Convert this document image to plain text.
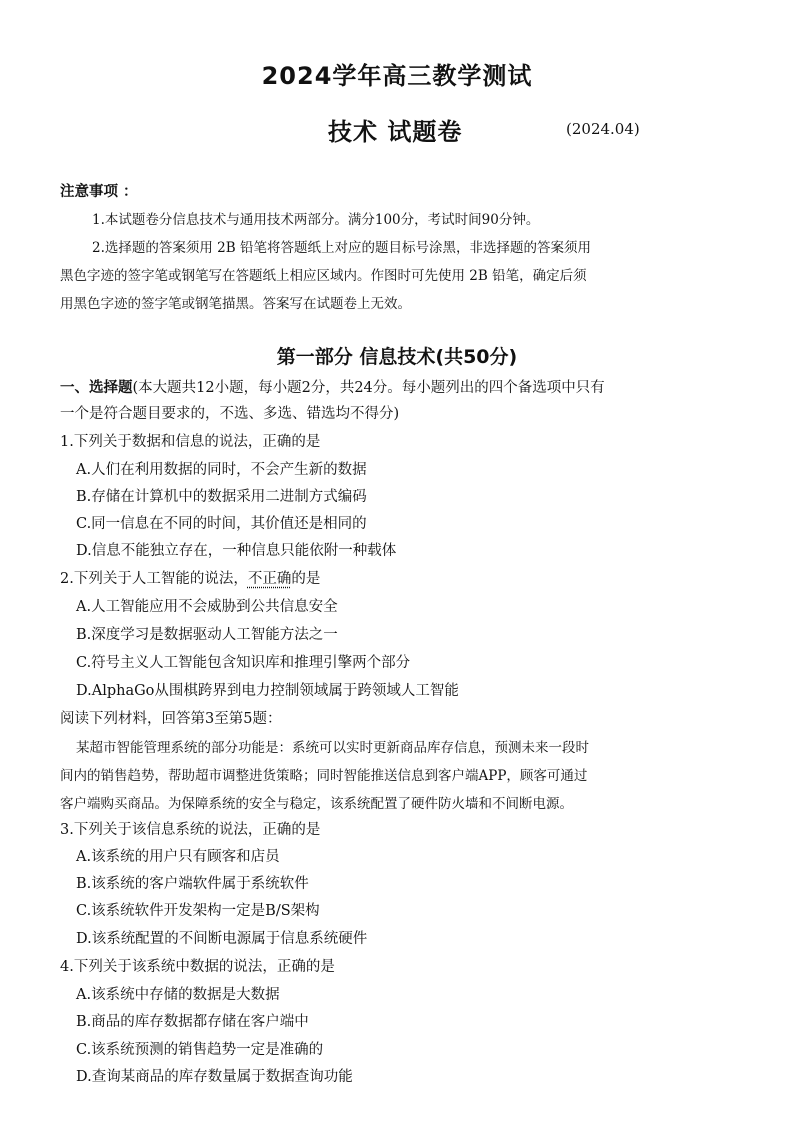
2024学年高三教学测试
技术 试题卷	(2024.04)
注意事项 ：
1.本试题卷分信息技术与通用技术两部分。满分100分，考试时间90分钟。
2.选择题的答案须用 2B 铅笔将答题纸上对应的题目标号涂黑，非选择题的答案须用
黑色字迹的签字笔或钢笔写在答题纸上相应区域内。作图时可先使用 2B 铅笔，确定后须
用黑色字迹的签字笔或钢笔描黑。答案写在试题卷上无效。
第一部分 信息技术(共50分)
一、选择题(本大题共12小题，每小题2分，共24分。每小题列出的四个备选项中只有
一个是符合题目要求的，不选、多选、错选均不得分)
1.下列关于数据和信息的说法，正确的是
A.人们在利用数据的同时，不会产生新的数据
B.存储在计算机中的数据采用二进制方式编码
C.同一信息在不同的时间，其价值还是相同的
D.信息不能独立存在，一种信息只能依附一种载体
2.下列关于人工智能的说法，不正确的是
A.人工智能应用不会威胁到公共信息安全
B.深度学习是数据驱动人工智能方法之一
C.符号主义人工智能包含知识库和推理引擎两个部分
D.AlphaGo从围棋跨界到电力控制领域属于跨领域人工智能
阅读下列材料，回答第3至第5题：
某超市智能管理系统的部分功能是：系统可以实时更新商品库存信息，预测未来一段时
间内的销售趋势，帮助超市调整进货策略；同时智能推送信息到客户端APP，顾客可通过
客户端购买商品。为保障系统的安全与稳定，该系统配置了硬件防火墙和不间断电源。
3.下列关于该信息系统的说法，正确的是
A.该系统的用户只有顾客和店员
B.该系统的客户端软件属于系统软件
C.该系统软件开发架构一定是B/S架构
D.该系统配置的不间断电源属于信息系统硬件
4.下列关于该系统中数据的说法，正确的是
A.该系统中存储的数据是大数据
B.商品的库存数据都存储在客户端中
C.该系统预测的销售趋势一定是准确的
D.查询某商品的库存数量属于数据查询功能
